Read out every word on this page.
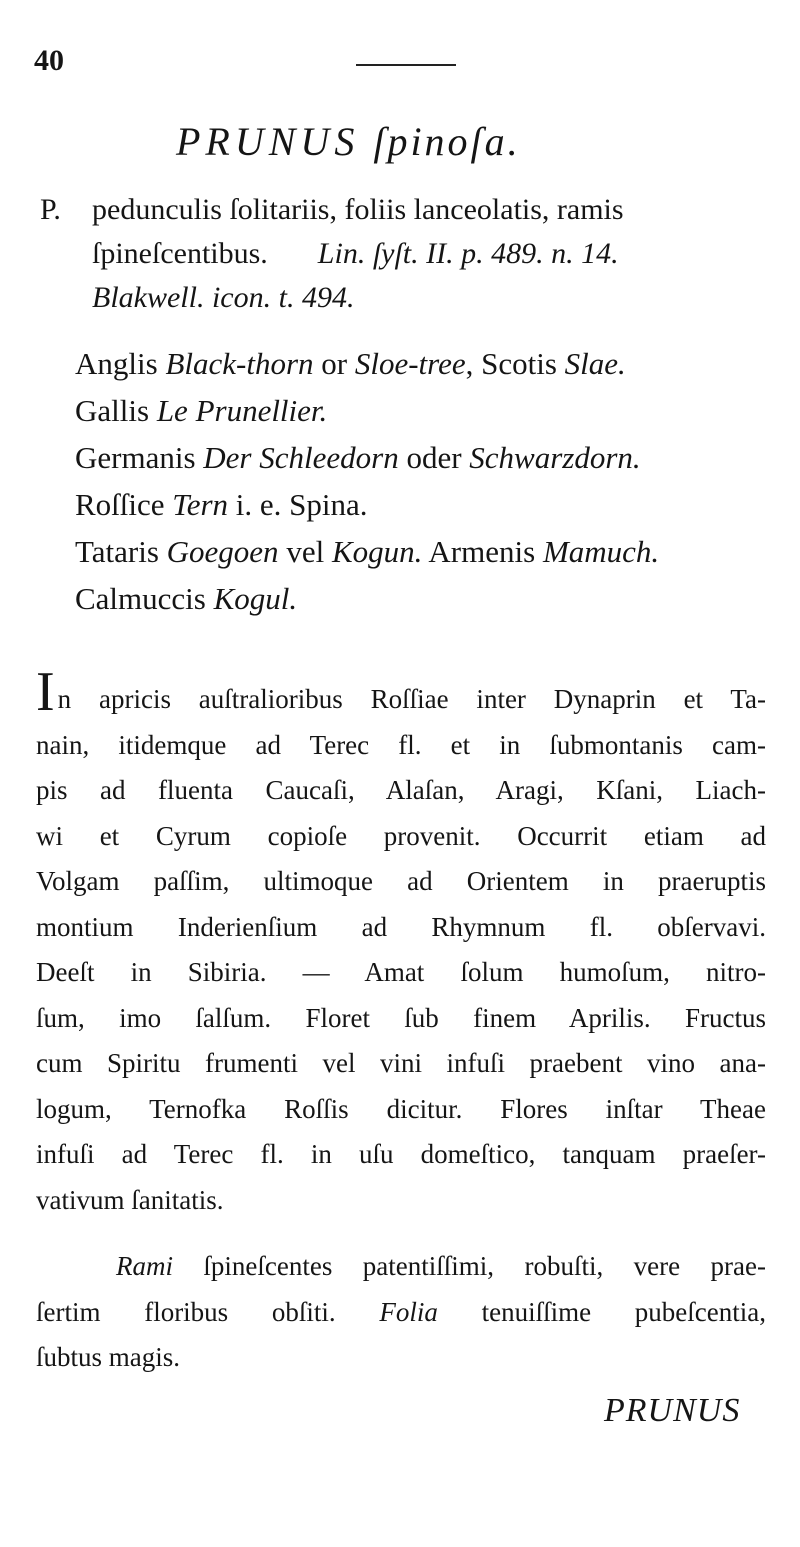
40
PRUNUS ſpinoſa.
P. pedunculis ſolitariis, foliis lanceolatis, ramis
ſpineſcentibus. Lin. ſyſt. II. p. 489. n. 14.
Blakwell. icon. t. 494.
Anglis Black-thorn or Sloe-tree, Scotis Slae.
Gallis Le Prunellier.
Germanis Der Schleedorn oder Schwarzdorn.
Roſſice Tern i. e. Spina.
Tataris Goegoen vel Kogun. Armenis Mamuch.
Calmuccis Kogul.
In apricis auſtralioribus Roſſiae inter Dynaprin et Ta-
nain, itidemque ad Terec fl. et in ſubmontanis cam-
pis ad fluenta Caucaſi, Alaſan, Aragi, Kſani, Liach-
wi et Cyrum copioſe provenit. Occurrit etiam ad
Volgam paſſim, ultimoque ad Orientem in praeruptis
montium Inderienſium ad Rhymnum fl. obſervavi.
Deeſt in Sibiria. — Amat ſolum humoſum, nitro-
ſum, imo ſalſum. Floret ſub finem Aprilis. Fructus
cum Spiritu frumenti vel vini infuſi praebent vino ana-
logum, Ternofka Roſſis dicitur. Flores inſtar Theae
infuſi ad Terec fl. in uſu domeſtico, tanquam praeſer-
vativum ſanitatis.
Rami ſpineſcentes patentiſſimi, robuſti, vere prae-
ſertim floribus obſiti. Folia tenuiſſime pubeſcentia,
ſubtus magis.
PRUNUS
